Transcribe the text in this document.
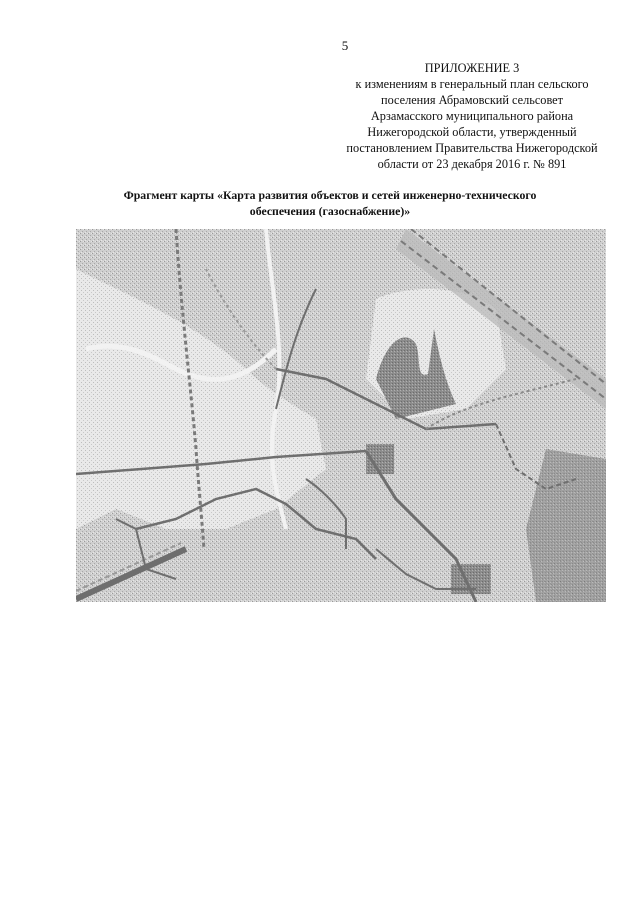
5
ПРИЛОЖЕНИЕ 3
к изменениям в генеральный план сельского
поселения Абрамовский сельсовет
Арзамасского муниципального района
Нижегородской области, утвержденный
постановлением Правительства Нижегородской
области от 23 декабря 2016 г. № 891
Фрагмент карты «Карта развития объектов и сетей инженерно-технического
обеспечения (газоснабжение)»
